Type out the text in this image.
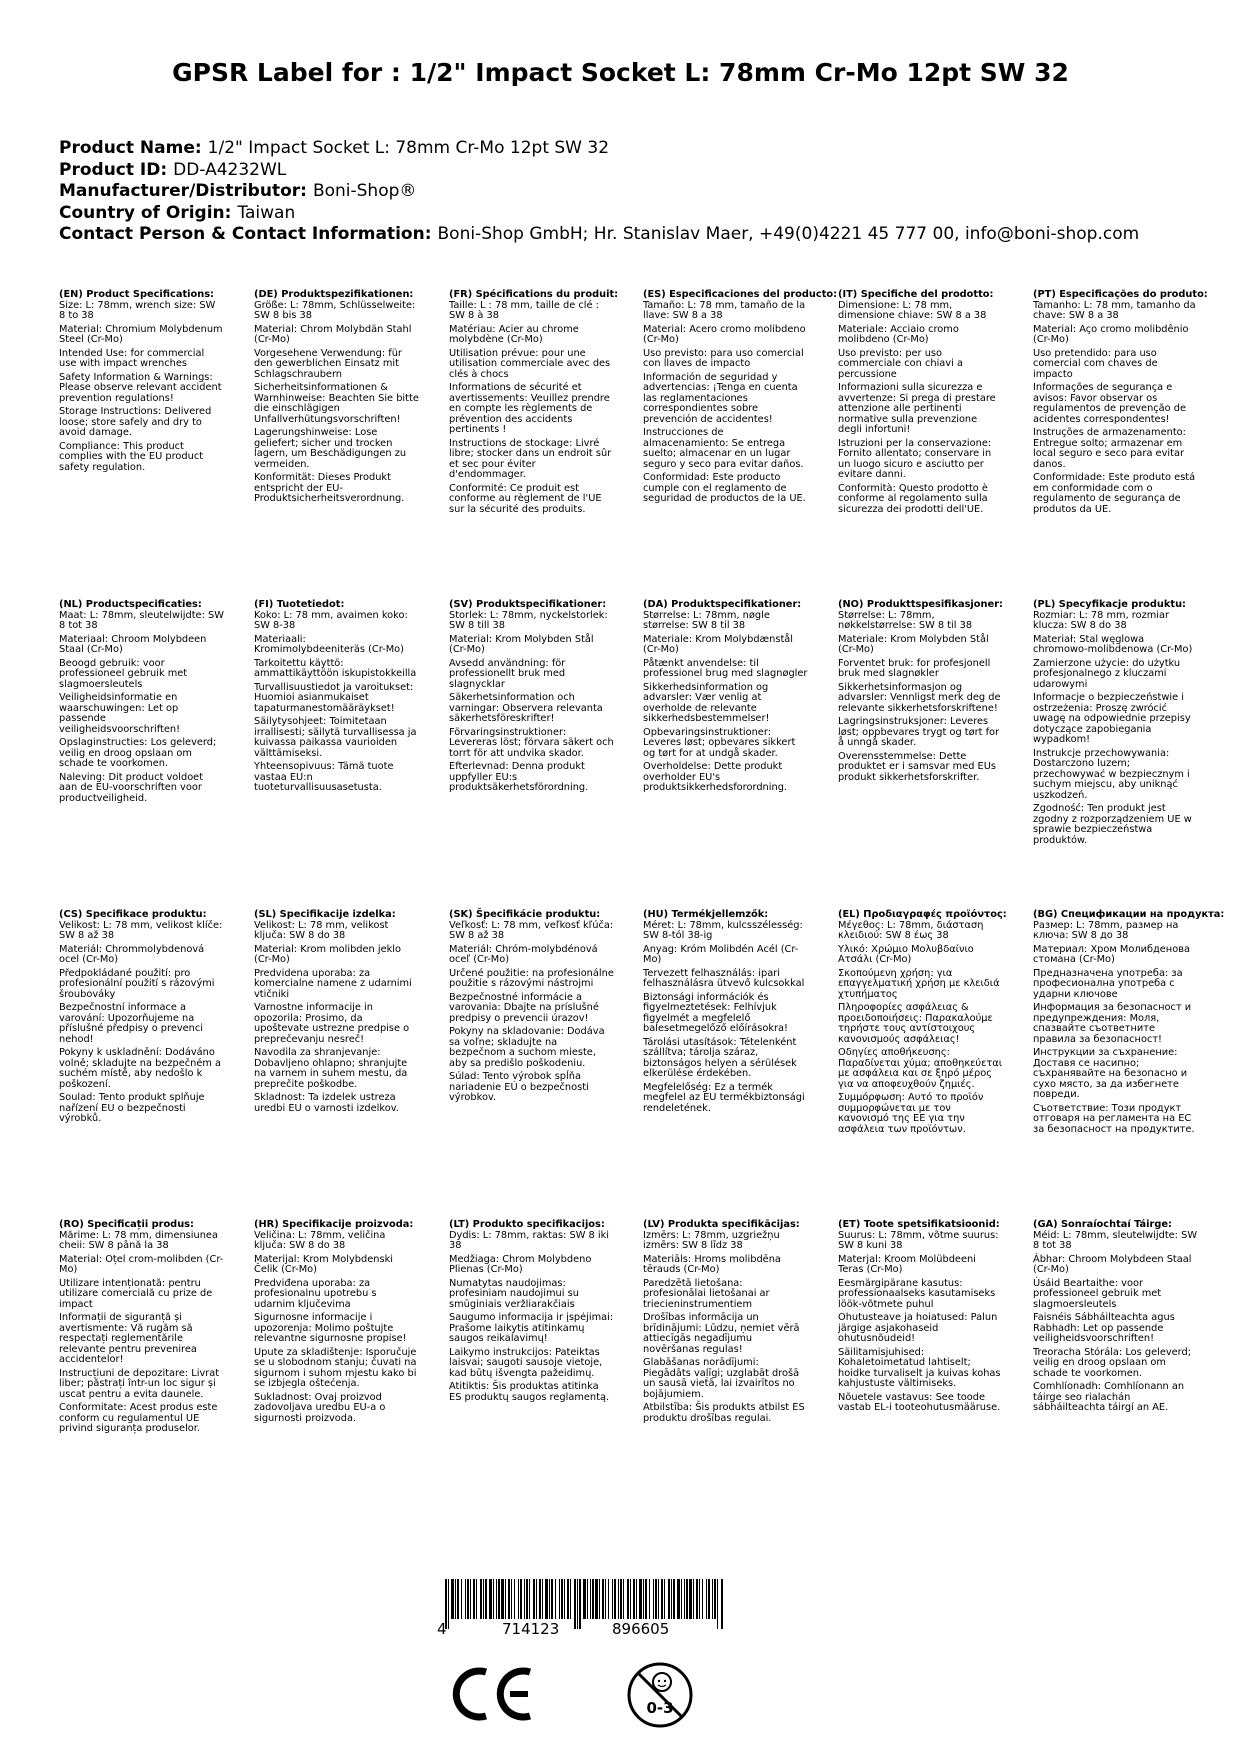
GPSR Label for : 1/2" Impact Socket L: 78mm Cr-Mo 12pt SW 32
Product Name: 1/2" Impact Socket L: 78mm Cr-Mo 12pt SW 32
Product ID: DD-A4232WL
Manufacturer/Distributor: Boni-Shop®
Country of Origin: Taiwan
Contact Person & Contact Information: Boni-Shop GmbH; Hr. Stanislav Maer, +49(0)4221 45 777 00, info@boni-shop.com
(EN) Product Specifications:

Size: L: 78mm, wrench size: SW 8 to 38

Material: Chromium Molybdenum Steel (Cr-Mo)

Intended Use: for commercial use with impact wrenches

Safety Information & Warnings: Please observe relevant accident prevention regulations!

Storage Instructions: Delivered loose; store safely and dry to avoid damage.

Compliance: This product complies with the EU product safety regulation.

(DE) Produktspezifikationen:

Größe: L: 78mm, Schlüsselweite: SW 8 bis 38

Material: Chrom Molybdän Stahl (Cr-Mo)

Vorgesehene Verwendung: für den gewerblichen Einsatz mit Schlagschraubern

Sicherheitsinformationen & Warnhinweise: Beachten Sie bitte die einschlägigen Unfallverhütungsvorschriften!

Lagerungshinweise: Lose geliefert; sicher und trocken lagern, um Beschädigungen zu vermeiden.

Konformität: Dieses Produkt entspricht der EU-Produktsicherheitsverordnung.

(FR) Spécifications du produit:

Taille: L : 78 mm, taille de clé : SW 8 à 38

Matériau: Acier au chrome molybdène (Cr-Mo)

Utilisation prévue: pour une utilisation commerciale avec des clés à chocs

Informations de sécurité et avertissements: Veuillez prendre en compte les règlements de prévention des accidents pertinents !

Instructions de stockage: Livré libre; stocker dans un endroit sûr et sec pour éviter d'endommager.

Conformité: Ce produit est conforme au règlement de l'UE sur la sécurité des produits.

(ES) Especificaciones del producto:

Tamaño: L: 78 mm, tamaño de la llave: SW 8 a 38

Material: Acero cromo molibdeno (Cr-Mo)

Uso previsto: para uso comercial con llaves de impacto

Información de seguridad y advertencias: ¡Tenga en cuenta las reglamentaciones correspondientes sobre prevención de accidentes!

Instrucciones de almacenamiento: Se entrega suelto; almacenar en un lugar seguro y seco para evitar daños.

Conformidad: Este producto cumple con el reglamento de seguridad de productos de la UE.

(IT) Specifiche del prodotto:

Dimensione: L: 78 mm, dimensione chiave: SW 8 a 38

Materiale: Acciaio cromo molibdeno (Cr-Mo)

Uso previsto: per uso commerciale con chiavi a percussione

Informazioni sulla sicurezza e avvertenze: Si prega di prestare attenzione alle pertinenti normative sulla prevenzione degli infortuni!

Istruzioni per la conservazione: Fornito allentato; conservare in un luogo sicuro e asciutto per evitare danni.

Conformità: Questo prodotto è conforme al regolamento sulla sicurezza dei prodotti dell'UE.

(PT) Especificações do produto:

Tamanho: L: 78 mm, tamanho da chave: SW 8 a 38

Material: Aço cromo molibdênio (Cr-Mo)

Uso pretendido: para uso comercial com chaves de impacto

Informações de segurança e avisos: Favor observar os regulamentos de prevenção de acidentes correspondentes!

Instruções de armazenamento: Entregue solto; armazenar em local seguro e seco para evitar danos.

Conformidade: Este produto está em conformidade com o regulamento de segurança de produtos da UE.

(NL) Productspecificaties:

Maat: L: 78mm, sleutelwijdte: SW 8 tot 38

Materiaal: Chroom Molybdeen Staal (Cr-Mo)

Beoogd gebruik: voor professioneel gebruik met slagmoersleutels

Veiligheidsinformatie en waarschuwingen: Let op passende veiligheidsvoorschriften!

Opslaginstructies: Los geleverd; veilig en droog opslaan om schade te voorkomen.

Naleving: Dit product voldoet aan de EU-voorschriften voor productveiligheid.

(FI) Tuotetiedot:

Koko: L: 78 mm, avaimen koko: SW 8-38

Materiaali: Kromimolybdeeniteräs (Cr-Mo)

Tarkoitettu käyttö: ammattikäyttöön iskupistokkeilla

Turvallisuustiedot ja varoitukset: Huomioi asianmukaiset tapaturmanestomääräykset!

Säilytysohjeet: Toimitetaan irrallisesti; säilytä turvallisessa ja kuivassa paikassa vaurioiden välttämiseksi.

Yhteensopivuus: Tämä tuote vastaa EU:n tuoteturvallisuusasetusta.

(SV) Produktspecifikationer:

Storlek: L: 78mm, nyckelstorlek: SW 8 till 38

Material: Krom Molybden Stål (Cr-Mo)

Avsedd användning: för professionellt bruk med slagnycklar

Säkerhetsinformation och varningar: Observera relevanta säkerhetsföreskrifter!

Förvaringsinstruktioner: Levereras löst; förvara säkert och torrt för att undvika skador.

Efterlevnad: Denna produkt uppfyller EU:s produktsäkerhetsförordning.

(DA) Produktspecifikationer:

Størrelse: L: 78mm, nøgle størrelse: SW 8 til 38

Materiale: Krom Molybdænstål (Cr-Mo)

Påtænkt anvendelse: til professionel brug med slagnøgler

Sikkerhedsinformation og advarsler: Vær venlig at overholde de relevante sikkerhedsbestemmelser!

Opbevaringsinstruktioner: Leveres løst; opbevares sikkert og tørt for at undgå skader.

Overholdelse: Dette produkt overholder EU's produktsikkerhedsforordning.

(NO) Produkttspesifikasjoner:

Størrelse: L: 78mm, nøkkelstørrelse: SW 8 til 38

Materiale: Krom Molybden Stål (Cr-Mo)

Forventet bruk: for profesjonell bruk med slagnøkler

Sikkerhetsinformasjon og advarsler: Vennligst merk deg de relevante sikkerhetsforskriftene!

Lagringsinstruksjoner: Leveres løst; oppbevares trygt og tørt for å unngå skader.

Overensstemmelse: Dette produktet er i samsvar med EUs produkt sikkerhetsforskrifter.

(PL) Specyfikacje produktu:

Rozmiar: L: 78 mm, rozmiar klucza: SW 8 do 38

Materiał: Stal węglowa chromowo-molibdenowa (Cr-Mo)

Zamierzone użycie: do użytku profesjonalnego z kluczami udarowymi

Informacje o bezpieczeństwie i ostrzeżenia: Proszę zwrócić uwagę na odpowiednie przepisy dotyczące zapobiegania wypadkom!

Instrukcje przechowywania: Dostarczono luzem; przechowywać w bezpiecznym i suchym miejscu, aby uniknąć uszkodzeń.

Zgodność: Ten produkt jest zgodny z rozporządzeniem UE w sprawie bezpieczeństwa produktów.

(CS) Specifikace produktu:

Velikost: L: 78 mm, velikost klíče: SW 8 až 38

Materiál: Chrommolybdenová ocel (Cr-Mo)

Předpokládané použití: pro profesionální použití s rázovými šroubováky

Bezpečnostní informace a varování: Upozorňujeme na příslušné předpisy o prevenci nehod!

Pokyny k uskladnění: Dodáváno volně; skladujte na bezpečném a suchém místě, aby nedošlo k poškození.

Soulad: Tento produkt splňuje nařízení EU o bezpečnosti výrobků.

(SL) Specifikacije izdelka:

Velikost: L: 78 mm, velikost ključa: SW 8 do 38

Material: Krom molibden jeklo (Cr-Mo)

Predvidena uporaba: za komercialne namene z udarnimi vtičniki

Varnostne informacije in opozorila: Prosimo, da upoštevate ustrezne predpise o preprečevanju nesreč!

Navodila za shranjevanje: Dobavljeno ohlapno; shranjujte na varnem in suhem mestu, da preprečite poškodbe.

Skladnost: Ta izdelek ustreza uredbi EU o varnosti izdelkov.

(SK) Špecifikácie produktu:

Veľkosť: L: 78 mm, veľkosť kľúča: SW 8 až 38

Materiál: Chróm-molybdénová oceľ (Cr-Mo)

Určené použitie: na profesionálne použitie s rázovými nástrojmi

Bezpečnostné informácie a varovania: Dbajte na príslušné predpisy o prevencii úrazov!

Pokyny na skladovanie: Dodáva sa voľne; skladujte na bezpečnom a suchom mieste, aby sa predišlo poškodeniu.

Súlad: Tento výrobok spĺňa nariadenie EÚ o bezpečnosti výrobkov.

(HU) Termékjellemzők:

Méret: L: 78mm, kulcsszélesség: SW 8-tól 38-ig

Anyag: Króm Molibdén Acél (Cr-Mo)

Tervezett felhasználás: ipari felhasználásra ütvevő kulcsokkal

Biztonsági információk és figyelmeztetések: Felhívjuk figyelmét a megfelelő balesetmegelőző előírásokra!

Tárolási utasítások: Tételenként szállítva; tárolja száraz, biztonságos helyen a sérülések elkerülése érdekében.

Megfelelőség: Ez a termék megfelel az EU termékbiztonsági rendeletének.

(EL) Προδιαγραφές προϊόντος:

Μέγεθος: L: 78mm, διάσταση κλειδιού: SW 8 έως 38

Υλικό: Χρώμιο Μολυβδαίνιο Ατσάλι (Cr-Mo)

Σκοπούμενη χρήση: για επαγγελματική χρήση με κλειδιά χτυπήματος

Πληροφορίες ασφάλειας & προειδοποιήσεις: Παρακαλούμε τηρήστε τους αντίστοιχους κανονισμούς ασφάλειας!

Οδηγίες αποθήκευσης: Παραδίνεται χύμα; αποθηκεύεται με ασφάλεια και σε ξηρό μέρος για να αποφευχθούν ζημιές.

Συμμόρφωση: Αυτό το προϊόν συμμορφώνεται με τον κανονισμό της ΕΕ για την ασφάλεια των προϊόντων.

(BG) Спецификации на продукта:

Размер: L: 78mm, размер на ключа: SW 8 до 38

Материал: Хром Молибденова стомана (Cr-Mo)

Предназначена употреба: за професионална употреба с ударни ключове

Информация за безопасност и предупреждения: Моля, спазвайте съответните правила за безопасност!

Инструкции за съхранение: Доставя се насипно; съхранявайте на безопасно и сухо място, за да избегнете повреди.

Съответствие: Този продукт отговаря на регламента на ЕС за безопасност на продуктите.

(RO) Specificații produs:

Mărime: L: 78 mm, dimensiunea cheii: SW 8 până la 38

Material: Oțel crom-molibden (Cr-Mo)

Utilizare intenționată: pentru utilizare comercială cu prize de impact

Informații de siguranță și avertismente: Vă rugăm să respectați reglementările relevante pentru prevenirea accidentelor!

Instrucțiuni de depozitare: Livrat liber; păstrați într-un loc sigur și uscat pentru a evita daunele.

Conformitate: Acest produs este conform cu regulamentul UE privind siguranța produselor.

(HR) Specifikacije proizvoda:

Veličina: L: 78mm, veličina ključa: SW 8 do 38

Materijal: Krom Molybdenski Čelik (Cr-Mo)

Predviđena uporaba: za profesionalnu upotrebu s udarnim ključevima

Sigurnosne informacije i upozorenja: Molimo poštujte relevantne sigurnosne propise!

Upute za skladištenje: Isporučuje se u slobodnom stanju; čuvati na sigurnom i suhom mjestu kako bi se izbjegla oštećenja.

Sukladnost: Ovaj proizvod zadovoljava uredbu EU-a o sigurnosti proizvoda.

(LT) Produkto specifikacijos:

Dydis: L: 78mm, raktas: SW 8 iki 38

Medžiaga: Chrom Molybdeno Plienas (Cr-Mo)

Numatytas naudojimas: profesiniam naudojimui su smūginiais veržliarakčiais

Saugumo informacija ir įspėjimai: Prašome laikytis atitinkamų saugos reikalavimų!

Laikymo instrukcijos: Pateiktas laisvai; saugoti sausoje vietoje, kad būtų išvengta pažeidimų.

Atitiktis: Šis produktas atitinka ES produktų saugos reglamentą.

(LV) Produkta specifikācijas:

Izmērs: L: 78mm, uzgriežņu izmērs: SW 8 līdz 38

Materiāls: Hroms molibdēna tērauds (Cr-Mo)

Paredzētā lietošana: profesionālai lietošanai ar triecieninstrumentiem

Drošības informācija un brīdinājumi: Lūdzu, ņemiet vērā attiecīgās negadījumu novēršanas regulas!

Glabāšanas norādījumi: Piegādāts vaļīgi; uzglabāt drošā un sausā vietā, lai izvairītos no bojājumiem.

Atbilstība: Šis produkts atbilst ES produktu drošības regulai.

(ET) Toote spetsifikatsioonid:

Suurus: L: 78mm, võtme suurus: SW 8 kuni 38

Materjal: Kroom Molübdeeni Teras (Cr-Mo)

Eesmärgipärane kasutus: professionaalseks kasutamiseks löök-võtmete puhul

Ohutusteave ja hoiatused: Palun järgige asjakohaseid ohutusnõudeid!

Säilitamisjuhised: Kohaletoimetatud lahtiselt; hoidke turvaliselt ja kuivas kohas kahjustuste vältimiseks.

Nõuetele vastavus: See toode vastab EL-i tooteohutusmääruse.

(GA) Sonraíochtaí Táirge:

Méid: L: 78mm, sleutelwijdte: SW 8 tot 38

Ábhar: Chroom Molybdeen Staal (Cr-Mo)

Úsáid Beartaithe: voor professioneel gebruik met slagmoersleutels

Faisnéis Sábháilteachta agus Rabhadh: Let op passende veiligheidsvoorschriften!

Treoracha Stórála: Los geleverd; veilig en droog opslaan om schade te voorkomen.

Comhlíonadh: Comhlíonann an táirge seo rialachán sábháilteachta táirgí an AE.

4	714123	896605
0-3
